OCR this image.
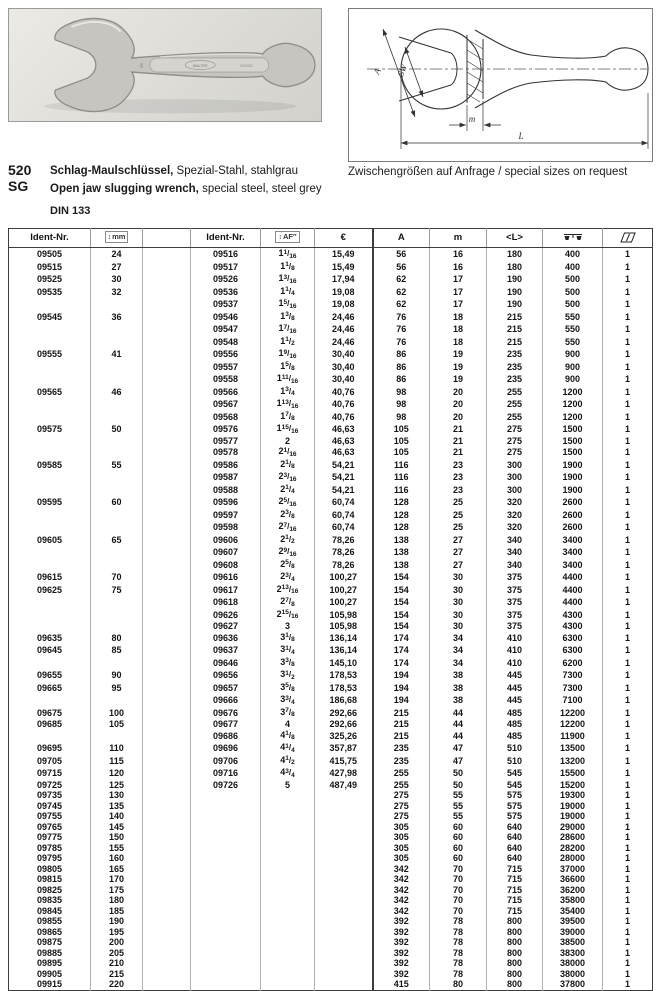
WALTER	520SG
36
A SW
m
L
Zwischengrößen auf Anfrage / special sizes on request
520 SG
Schlag-Maulschlüssel, Spezial-Stahl, stahlgrau
Open jaw slugging wrench, special steel, steel grey
DIN 133
Ident-Nr.	↕mm		Ident-Nr.	↕AF″	€	A	m	<L>		
09505	24		09516	1$^1$/16	15,49	56	16	180	400	1
09515	27		09517	1$^1$/8	15,49	56	16	180	400	1
09525	30		09526	1$^3$/16	17,94	62	17	190	500	1
09535	32		09536	1$^1$/4	19,08	62	17	190	500	1
			09537	1$^5$/16	19,08	62	17	190	500	1
09545	36		09546	1$^3$/8	24,46	76	18	215	550	1
			09547	1$^7$/16	24,46	76	18	215	550	1
			09548	1$^1$/2	24,46	76	18	215	550	1
09555	41		09556	1$^9$/16	30,40	86	19	235	900	1
			09557	1$^5$/8	30,40	86	19	235	900	1
			09558	1$^{11}$/16	30,40	86	19	235	900	1
09565	46		09566	1$^3$/4	40,76	98	20	255	1200	1
			09567	1$^{13}$/16	40,76	98	20	255	1200	1
			09568	1$^7$/8	40,76	98	20	255	1200	1
09575	50		09576	1$^{15}$/16	46,63	105	21	275	1500	1
			09577	2	46,63	105	21	275	1500	1
			09578	2$^1$/16	46,63	105	21	275	1500	1
09585	55		09586	2$^1$/8	54,21	116	23	300	1900	1
			09587	2$^3$/16	54,21	116	23	300	1900	1
			09588	2$^1$/4	54,21	116	23	300	1900	1
09595	60		09596	2$^5$/16	60,74	128	25	320	2600	1
			09597	2$^3$/8	60,74	128	25	320	2600	1
			09598	2$^7$/16	60,74	128	25	320	2600	1
09605	65		09606	2$^1$/2	78,26	138	27	340	3400	1
			09607	2$^9$/16	78,26	138	27	340	3400	1
			09608	2$^5$/8	78,26	138	27	340	3400	1
09615	70		09616	2$^3$/4	100,27	154	30	375	4400	1
09625	75		09617	2$^{13}$/16	100,27	154	30	375	4400	1
			09618	2$^7$/8	100,27	154	30	375	4400	1
			09626	2$^{15}$/16	105,98	154	30	375	4300	1
			09627	3	105,98	154	30	375	4300	1
09635	80		09636	3$^1$/8	136,14	174	34	410	6300	1
09645	85		09637	3$^1$/4	136,14	174	34	410	6300	1
			09646	3$^3$/8	145,10	174	34	410	6200	1
09655	90		09656	3$^1$/2	178,53	194	38	445	7300	1
09665	95		09657	3$^5$/8	178,53	194	38	445	7300	1
			09666	3$^3$/4	186,68	194	38	445	7100	1
09675	100		09676	3$^7$/8	292,66	215	44	485	12200	1
09685	105		09677	4	292,66	215	44	485	12200	1
			09686	4$^1$/8	325,26	215	44	485	11900	1
09695	110		09696	4$^1$/4	357,87	235	47	510	13500	1
09705	115		09706	4$^1$/2	415,75	235	47	510	13200	1
09715	120		09716	4$^3$/4	427,98	255	50	545	15500	1
09725	125		09726	5	487,49	255	50	545	15200	1
09735	130					275	55	575	19300	1
09745	135					275	55	575	19000	1
09755	140					275	55	575	19000	1
09765	145					305	60	640	29000	1
09775	150					305	60	640	28600	1
09785	155					305	60	640	28200	1
09795	160					305	60	640	28000	1
09805	165					342	70	715	37000	1
09815	170					342	70	715	36600	1
09825	175					342	70	715	36200	1
09835	180					342	70	715	35800	1
09845	185					342	70	715	35400	1
09855	190					392	78	800	39500	1
09865	195					392	78	800	39000	1
09875	200					392	78	800	38500	1
09885	205					392	78	800	38300	1
09895	210					392	78	800	38000	1
09905	215					392	78	800	38000	1
09915	220					415	80	800	37800	1
